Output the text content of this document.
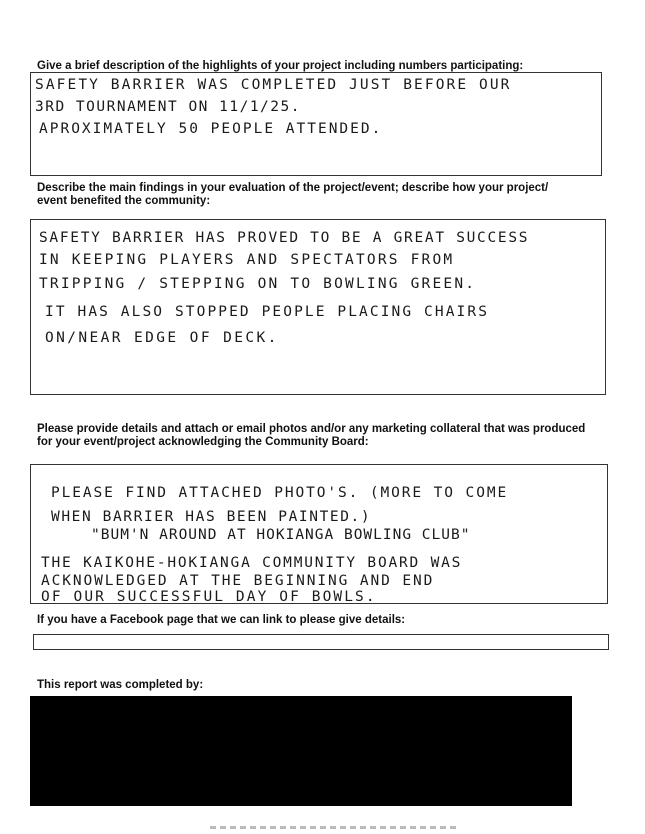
Give a brief description of the highlights of your project including numbers participating:

SAFETY BARRIER WAS COMPLETED JUST BEFORE OUR
3RD TOURNAMENT ON 11/1/25.
APROXIMATELY 50 PEOPLE ATTENDED.

Describe the main findings in your evaluation of the project/event; describe how your project/ event benefited the community:

SAFETY BARRIER HAS PROVED TO BE A GREAT SUCCESS
IN KEEPING PLAYERS AND SPECTATORS FROM
TRIPPING / STEPPING ON TO BOWLING GREEN.
IT HAS ALSO STOPPED PEOPLE PLACING CHAIRS
ON/NEAR EDGE OF DECK.

Please provide details and attach or email photos and/or any marketing collateral that was produced for your event/project acknowledging the Community Board:

PLEASE FIND ATTACHED PHOTO'S. (MORE TO COME
WHEN BARRIER HAS BEEN PAINTED.)
"BUM'N AROUND AT HOKIANGA BOWLING CLUB"
THE KAIKOHE-HOKIANGA COMMUNITY BOARD WAS
ACKNOWLEDGED AT THE BEGINNING AND END
OF OUR SUCCESSFUL DAY OF BOWLS.

If you have a Facebook page that we can link to please give details:

This report was completed by:
